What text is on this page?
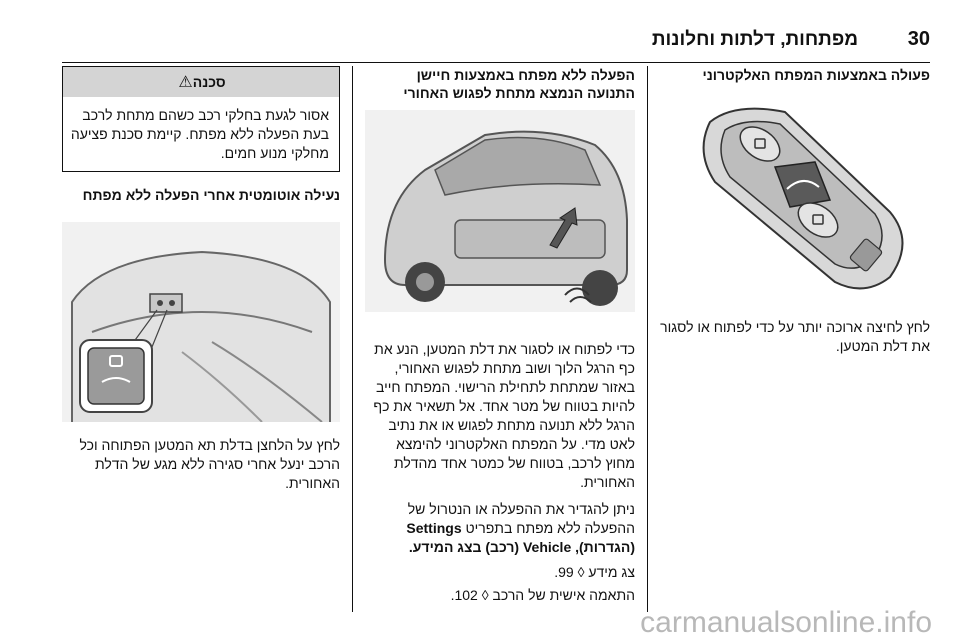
30
מפתחות, דלתות וחלונות
סכנה
⚠
אסור לגעת בחלקי רכב כשהם מתחת לרכב בעת הפעלה ללא מפתח. קיימת סכנת פציעה מחלקי מנוע חמים.
נעילה אוטומטית אחרי הפעלה ללא מפתח
לחץ על הלחצן בדלת תא המטען הפתוחה וכל הרכב ינעל אחרי סגירה ללא מגע של הדלת האחורית.
הפעלה ללא מפתח באמצעות חיישן התנועה הנמצא מתחת לפגוש האחורי
כדי לפתוח או לסגור את דלת המטען, הנע את כף הרגל הלוך ושוב מתחת לפגוש האחורי, באזור שמתחת לתחילת הרישוי. המפתח חייב להיות בטווח של מטר אחד. אל תשאיר את כף הרגל ללא תנועה מתחת לפגוש או את נתיב לאט מדי. על המפתח האלקטרוני להימצא מחוץ לרכב, בטווח של כמטר אחד מהדלת האחורית.
ניתן להגדיר את ההפעלה או הנטרול של ההפעלה ללא מפתח בתפריט Settings (הגדרות), Vehicle (רכב) בצג המידע.
צג מידע ◊ 99.
התאמה אישית של הרכב ◊ 102.
פעולה באמצעות המפתח האלקטרוני
לחץ לחיצה ארוכה יותר על כדי לפתוח או לסגור את דלת המטען.
carmanualsonline.info
